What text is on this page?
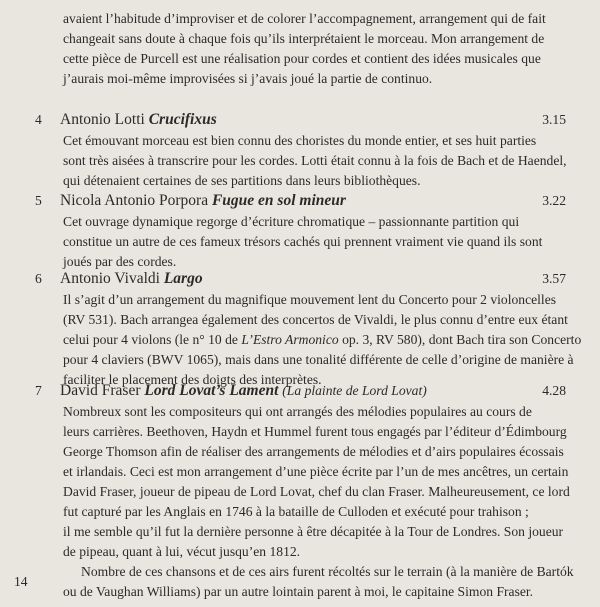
avaient l’habitude d’improviser et de colorer l’accompagnement, arrangement qui de fait
changeait sans doute à chaque fois qu’ils interprétaient le morceau. Mon arrangement de
cette pièce de Purcell est une réalisation pour cordes et contient des idées musicales que
j’aurais moi-même improvisées si j’avais joué la partie de continuo.
4 Antonio Lotti Crucifixus	3.15
Cet émouvant morceau est bien connu des choristes du monde entier, et ses huit parties
sont très aisées à transcrire pour les cordes. Lotti était connu à la fois de Bach et de Haendel,
qui détenaient certaines de ses partitions dans leurs bibliothèques.
5 Nicola Antonio Porpora Fugue en sol mineur	3.22
Cet ouvrage dynamique regorge d’écriture chromatique – passionnante partition qui
constitue un autre de ces fameux trésors cachés qui prennent vraiment vie quand ils sont
joués par des cordes.
6 Antonio Vivaldi Largo	3.57
Il s’agit d’un arrangement du magnifique mouvement lent du Concerto pour 2 violoncelles
(RV 531). Bach arrangea également des concertos de Vivaldi, le plus connu d’entre eux étant
celui pour 4 violons (le n° 10 de L’Estro Armonico op. 3, RV 580), dont Bach tira son Concerto
pour 4 claviers (BWV 1065), mais dans une tonalité différente de celle d’origine de manière à
faciliter le placement des doigts des interprètes.
7 David Fraser Lord Lovat’s Lament (La plainte de Lord Lovat)	4.28
Nombreux sont les compositeurs qui ont arrangés des mélodies populaires au cours de
leurs carrières. Beethoven, Haydn et Hummel furent tous engagés par l’éditeur d’Édimbourg
George Thomson afin de réaliser des arrangements de mélodies et d’airs populaires écossais
et irlandais. Ceci est mon arrangement d’une pièce écrite par l’un de mes ancêtres, un certain
David Fraser, joueur de pipeau de Lord Lovat, chef du clan Fraser. Malheureusement, ce lord
fut capturé par les Anglais en 1746 à la bataille de Culloden et exécuté pour trahison ;
il me semble qu’il fut la dernière personne à être décapitée à la Tour de Londres. Son joueur
de pipeau, quant à lui, vécut jusqu’en 1812.
Nombre de ces chansons et de ces airs furent récoltés sur le terrain (à la manière de Bartók
ou de Vaughan Williams) par un autre lointain parent à moi, le capitaine Simon Fraser.
14
